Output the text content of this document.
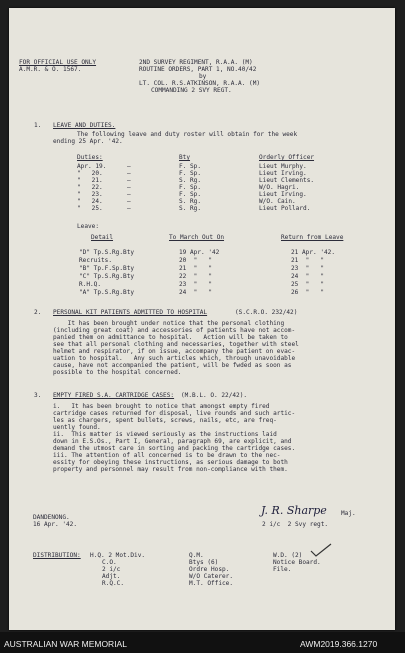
FOR OFFICIAL USE ONLY
A.M.R. & O. 1567.
2ND SURVEY REGIMENT, R.A.A. (M)
ROUTINE ORDERS, PART 1, NO.40/42
by
LT. COL. R.S.ATKINSON, R.A.A. (M)
COMMANDING 2 SVY REGT.
1. LEAVE AND DUTIES.
The following leave and duty roster will obtain for the week
ending 25 Apr. '42.
Duties:	Bty	Orderly Officer
Apr. 19.	–	F. Sp.	Lieut Murphy.
"   20.	–	F. Sp.	Lieut Irving.
"   21.	–	S. Rg.	Lieut Clements.
"   22.	–	F. Sp.	W/O. Hagri.
"   23.	–	F. Sp.	Lieut Irving.
"   24.	–	S. Rg.	W/O. Cain.
"   25.	–	S. Rg.	Lieut Pollard.
Leave:
Detail	To March Out On	Return from Leave
"D" Tp.S.Rg.Bty	19 Apr. '42	21 Apr. '42.
Recruits.	20  "   "	21  "   "
"B" Tp.F.Sp.Bty	21  "   "	23  "   "
"C" Tp.S.Rg.Bty	22  "   "	24  "   "
R.H.Q.	23  "   "	25  "   "
"A" Tp.S.Rg.Bty	24  "   "	26  "   "
2. PERSONAL KIT PATIENTS ADMITTED TO HOSPITAL	(S.C.R.O. 232/42)
It has been brought under notice that the personal clothing
(including great coat) and accessories of patients have not accom-
panied them on admittance to hospital.   Action will be taken to
see that all personal clothing and necessaries, together with steel
helmet and respirator, if on issue, accompany the patient on evac-
uation to hospital.   Any such articles which, through unavoidable
cause, have not accompanied the patient, will be fwded as soon as
possible to the hospital concerned.
3. EMPTY FIRED S.A. CARTRIDGE CASES: (M.B.L. O. 22/42).
i.   It has been brought to notice that amongst empty fired
cartridge cases returned for disposal, live rounds and such artic-
les as chargers, spent bullets, screws, nails, etc, are freq-
uently found.
ii.  This matter is viewed seriously as the instructions laid
down in E.S.Os., Part I, General, paragraph 69, are explicit, and
demand the utmost care in sorting and packing the cartridge cases.
iii. The attention of all concerned is to be drawn to the nec-
essity for obeying these instructions, as serious damage to both
property and personnel may result from non-compliance with them.
DANDENONG.
16 Apr. '42.
J. R. Sharpe Maj.
2 i/c  2 Svy regt.
DISTRIBUTION: H.Q. 2 Mot.Div.
C.O.
2 i/c
Adjt.
R.Q.C.
Q.M.
Btys (6)
Ordre Hosp.
W/O Caterer.
M.T. Office.
W.D. (2)
Notice Board.
File.
AUSTRALIAN WAR MEMORIAL	AWM2019.366.1270
